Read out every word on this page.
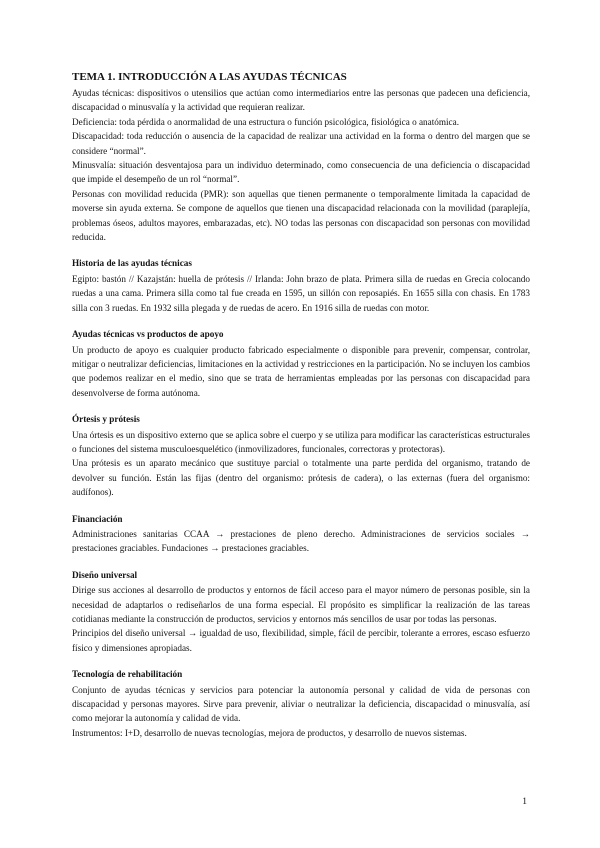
TEMA 1. INTRODUCCIÓN A LAS AYUDAS TÉCNICAS

Ayudas técnicas: dispositivos o utensilios que actúan como intermediarios entre las personas que padecen una deficiencia, discapacidad o minusvalía y la actividad que requieran realizar.

Deficiencia: toda pérdida o anormalidad de una estructura o función psicológica, fisiológica o anatómica.

Discapacidad: toda reducción o ausencia de la capacidad de realizar una actividad en la forma o dentro del margen que se considere “normal”.

Minusvalía: situación desventajosa para un individuo determinado, como consecuencia de una deficiencia o discapacidad que impide el desempeño de un rol “normal”.

Personas con movilidad reducida (PMR): son aquellas que tienen permanente o temporalmente limitada la capacidad de moverse sin ayuda externa. Se compone de aquellos que tienen una discapacidad relacionada con la movilidad (paraplejía, problemas óseos, adultos mayores, embarazadas, etc). NO todas las personas con discapacidad son personas con movilidad reducida.

Historia de las ayudas técnicas

Egipto: bastón // Kazajstán: huella de prótesis // Irlanda: John brazo de plata. Primera silla de ruedas en Grecia colocando ruedas a una cama. Primera silla como tal fue creada en 1595, un sillón con reposapiés. En 1655 silla con chasis. En 1783 silla con 3 ruedas. En 1932 silla plegada y de ruedas de acero. En 1916 silla de ruedas con motor.

Ayudas técnicas vs productos de apoyo

Un producto de apoyo es cualquier producto fabricado especialmente o disponible para prevenir, compensar, controlar, mitigar o neutralizar deficiencias, limitaciones en la actividad y restricciones en la participación. No se incluyen los cambios que podemos realizar en el medio, sino que se trata de herramientas empleadas por las personas con discapacidad para desenvolverse de forma autónoma.

Órtesis y prótesis

Una órtesis es un dispositivo externo que se aplica sobre el cuerpo y se utiliza para modificar las características estructurales o funciones del sistema musculoesquelético (inmovilizadores, funcionales, correctoras y protectoras).

Una prótesis es un aparato mecánico que sustituye parcial o totalmente una parte perdida del organismo, tratando de devolver su función. Están las fijas (dentro del organismo: prótesis de cadera), o las externas (fuera del organismo: audífonos).

Financiación

Administraciones sanitarias CCAA → prestaciones de pleno derecho. Administraciones de servicios sociales → prestaciones graciables. Fundaciones → prestaciones graciables.

Diseño universal

Dirige sus acciones al desarrollo de productos y entornos de fácil acceso para el mayor número de personas posible, sin la necesidad de adaptarlos o rediseñarlos de una forma especial. El propósito es simplificar la realización de las tareas cotidianas mediante la construcción de productos, servicios y entornos más sencillos de usar por todas las personas.

Principios del diseño universal → igualdad de uso, flexibilidad, simple, fácil de percibir, tolerante a errores, escaso esfuerzo físico y dimensiones apropiadas.

Tecnología de rehabilitación

Conjunto de ayudas técnicas y servicios para potenciar la autonomía personal y calidad de vida de personas con discapacidad y personas mayores. Sirve para prevenir, aliviar o neutralizar la deficiencia, discapacidad o minusvalía, así como mejorar la autonomía y calidad de vida.

Instrumentos: I+D, desarrollo de nuevas tecnologías, mejora de productos, y desarrollo de nuevos sistemas.

1
